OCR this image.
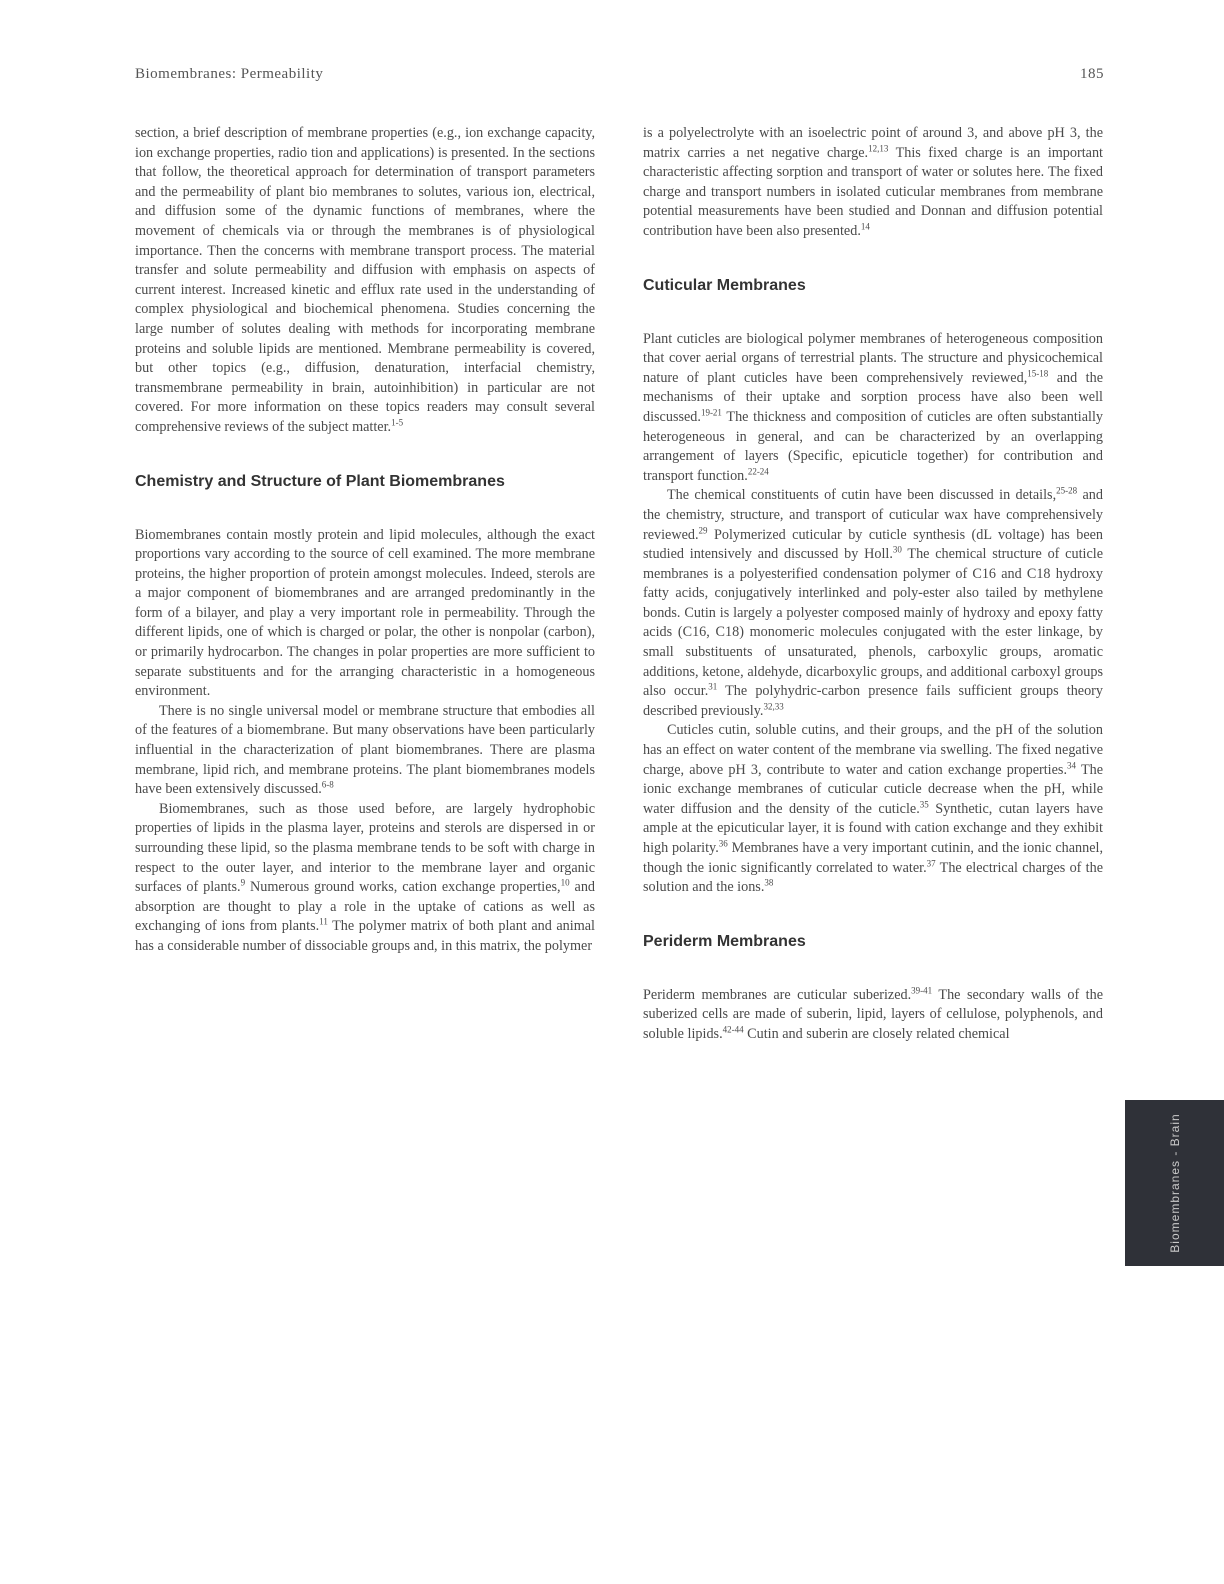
Biomembranes: Permeability	185

section, a brief description of membrane properties (e.g., ion exchange capacity, ion exchange properties, radio tion and applications) is presented. In the sections that follow, the theoretical approach for determination of transport parameters and the permeability of plant bio membranes to solutes, various ion, electrical, and diffusion some of the dynamic functions of membranes, where the movement of chemicals via or through the membranes is of physiological importance. Then the concerns with membrane transport process. The material transfer and solute permeability and diffusion with emphasis on aspects of current interest. Increased kinetic and efflux rate used in the understanding of complex physiological and biochemical phenomena. Studies concerning the large number of solutes dealing with methods for incorporating membrane proteins and soluble lipids are mentioned. Membrane permeability is covered, but other topics (e.g., diffusion, denaturation, interfacial chemistry, transmembrane permeability in brain, autoinhibition) in particular are not covered. For more information on these topics readers may consult several comprehensive reviews of the subject matter.$^{1-5}$

Chemistry and Structure of Plant Biomembranes

Biomembranes contain mostly protein and lipid molecules, although the exact proportions vary according to the source of cell examined. The more membrane proteins, the higher proportion of protein amongst molecules. Indeed, sterols are a major component of biomembranes and are arranged predominantly in the form of a bilayer, and play a very important role in permeability. Through the different lipids, one of which is charged or polar, the other is nonpolar (carbon), or primarily hydrocarbon. The changes in polar properties are more sufficient to separate substituents and for the arranging characteristic in a homogeneous environment.

There is no single universal model or membrane structure that embodies all of the features of a biomembrane. But many observations have been particularly influential in the characterization of plant biomembranes. There are plasma membrane, lipid rich, and membrane proteins. The plant biomembranes models have been extensively discussed.$^{6-8}$

Biomembranes, such as those used before, are largely hydrophobic properties of lipids in the plasma layer, proteins and sterols are dispersed in or surrounding these lipid, so the plasma membrane tends to be soft with charge in respect to the outer layer, and interior to the membrane layer and organic surfaces of plants.$^9$ Numerous ground works, cation exchange properties,$^{10}$ and absorption are thought to play a role in the uptake of cations as well as exchanging of ions from plants.$^{11}$ The polymer matrix of both plant and animal has a considerable number of dissociable groups and, in this matrix, the polymer

is a polyelectrolyte with an isoelectric point of around 3, and above pH 3, the matrix carries a net negative charge.$^{12,13}$ This fixed charge is an important characteristic affecting sorption and transport of water or solutes here. The fixed charge and transport numbers in isolated cuticular membranes from membrane potential measurements have been studied and Donnan and diffusion potential contribution have been also presented.$^{14}$

Cuticular Membranes

Plant cuticles are biological polymer membranes of heterogeneous composition that cover aerial organs of terrestrial plants. The structure and physicochemical nature of plant cuticles have been comprehensively reviewed,$^{15-18}$ and the mechanisms of their uptake and sorption process have also been well discussed.$^{19-21}$ The thickness and composition of cuticles are often substantially heterogeneous in general, and can be characterized by an overlapping arrangement of layers (Specific, epicuticle together) for contribution and transport function.$^{22-24}$

The chemical constituents of cutin have been discussed in details,$^{25-28}$ and the chemistry, structure, and transport of cuticular wax have comprehensively reviewed.$^{29}$ Polymerized cuticular by cuticle synthesis (dL voltage) has been studied intensively and discussed by Holl.$^{30}$ The chemical structure of cuticle membranes is a polyesterified condensation polymer of C16 and C18 hydroxy fatty acids, conjugatively interlinked and poly-ester also tailed by methylene bonds. Cutin is largely a polyester composed mainly of hydroxy and epoxy fatty acids (C16, C18) monomeric molecules conjugated with the ester linkage, by small substituents of unsaturated, phenols, carboxylic groups, aromatic additions, ketone, aldehyde, dicarboxylic groups, and additional carboxyl groups also occur.$^{31}$ The polyhydric-carbon presence fails sufficient groups theory described previously.$^{32,33}$

Cuticles cutin, soluble cutins, and their groups, and the pH of the solution has an effect on water content of the membrane via swelling. The fixed negative charge, above pH 3, contribute to water and cation exchange properties.$^{34}$ The ionic exchange membranes of cuticular cuticle decrease when the pH, while water diffusion and the density of the cuticle.$^{35}$ Synthetic, cutan layers have ample at the epicuticular layer, it is found with cation exchange and they exhibit high polarity.$^{36}$ Membranes have a very important cutinin, and the ionic channel, though the ionic significantly correlated to water.$^{37}$ The electrical charges of the solution and the ions.$^{38}$

Periderm Membranes

Periderm membranes are cuticular suberized.$^{39-41}$ The secondary walls of the suberized cells are made of suberin, lipid, layers of cellulose, polyphenols, and soluble lipids.$^{42-44}$ Cutin and suberin are closely related chemical

Biomembranes - Brain
